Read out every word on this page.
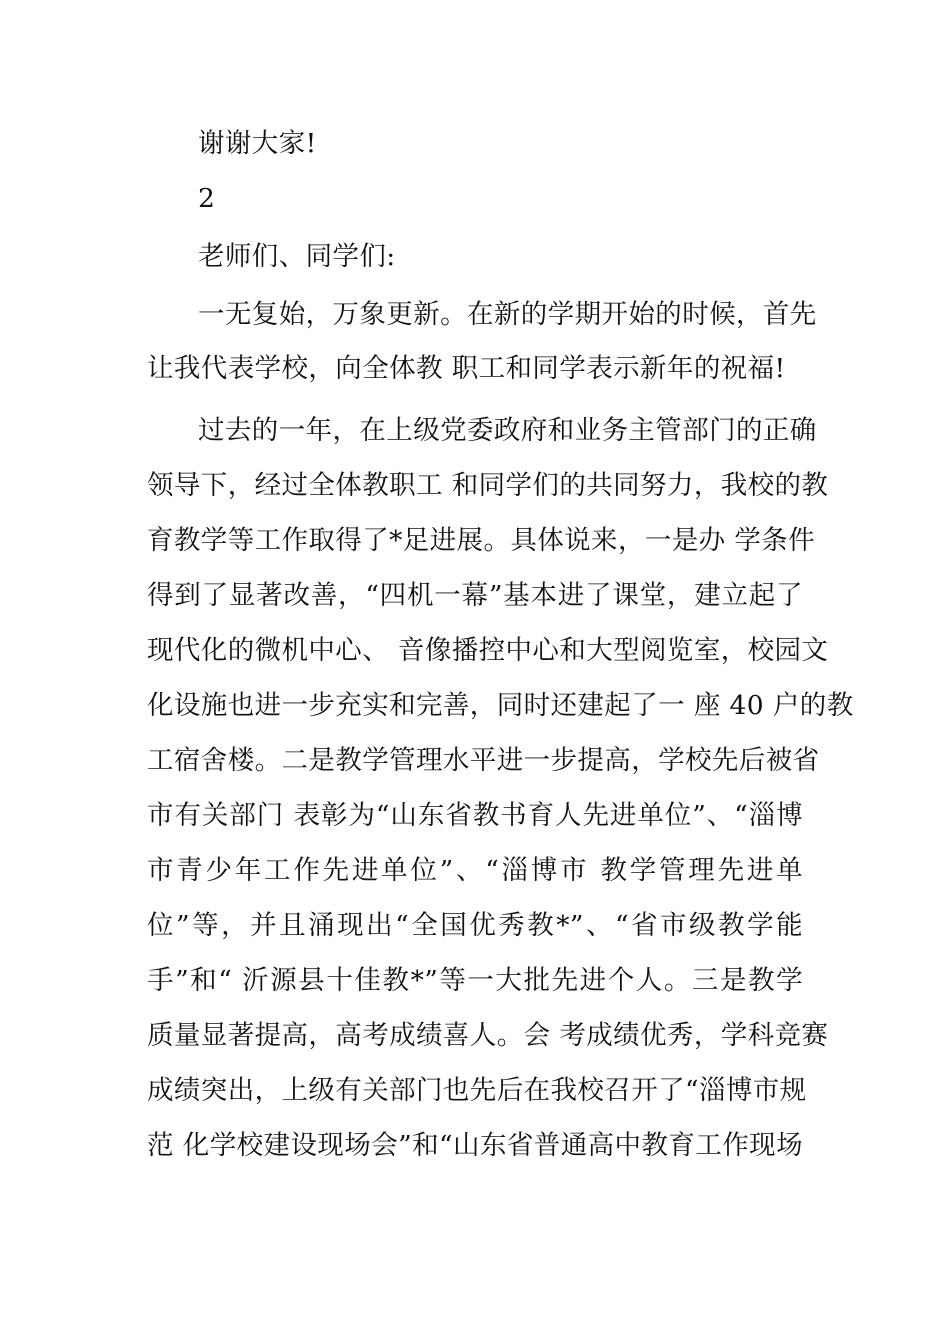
谢谢大家!
2
老师们、同学们:
一无复始，万象更新。在新的学期开始的时候，首先
让我代表学校，向全体教 职工和同学表示新年的祝福!
过去的一年，在上级党委政府和业务主管部门的正确
领导下，经过全体教职工 和同学们的共同努力，我校的教
育教学等工作取得了*足进展。具体说来，一是办 学条件
得到了显著改善，“四机一幕”基本进了课堂，建立起了
现代化的微机中心、 音像播控中心和大型阅览室，校园文
化设施也进一步充实和完善，同时还建起了一 座 40 户的教
工宿舍楼。二是教学管理水平进一步提高，学校先后被省
市有关部门 表彰为“山东省教书育人先进单位”、“淄博
市青少年工作先进单位”、“淄博市 教学管理先进单
位”等，并且涌现出“全国优秀教*”、“省市级教学能
手”和“ 沂源县十佳教*”等一大批先进个人。三是教学
质量显著提高，高考成绩喜人。会 考成绩优秀，学科竞赛
成绩突出，上级有关部门也先后在我校召开了“淄博市规
范 化学校建设现场会”和“山东省普通高中教育工作现场
